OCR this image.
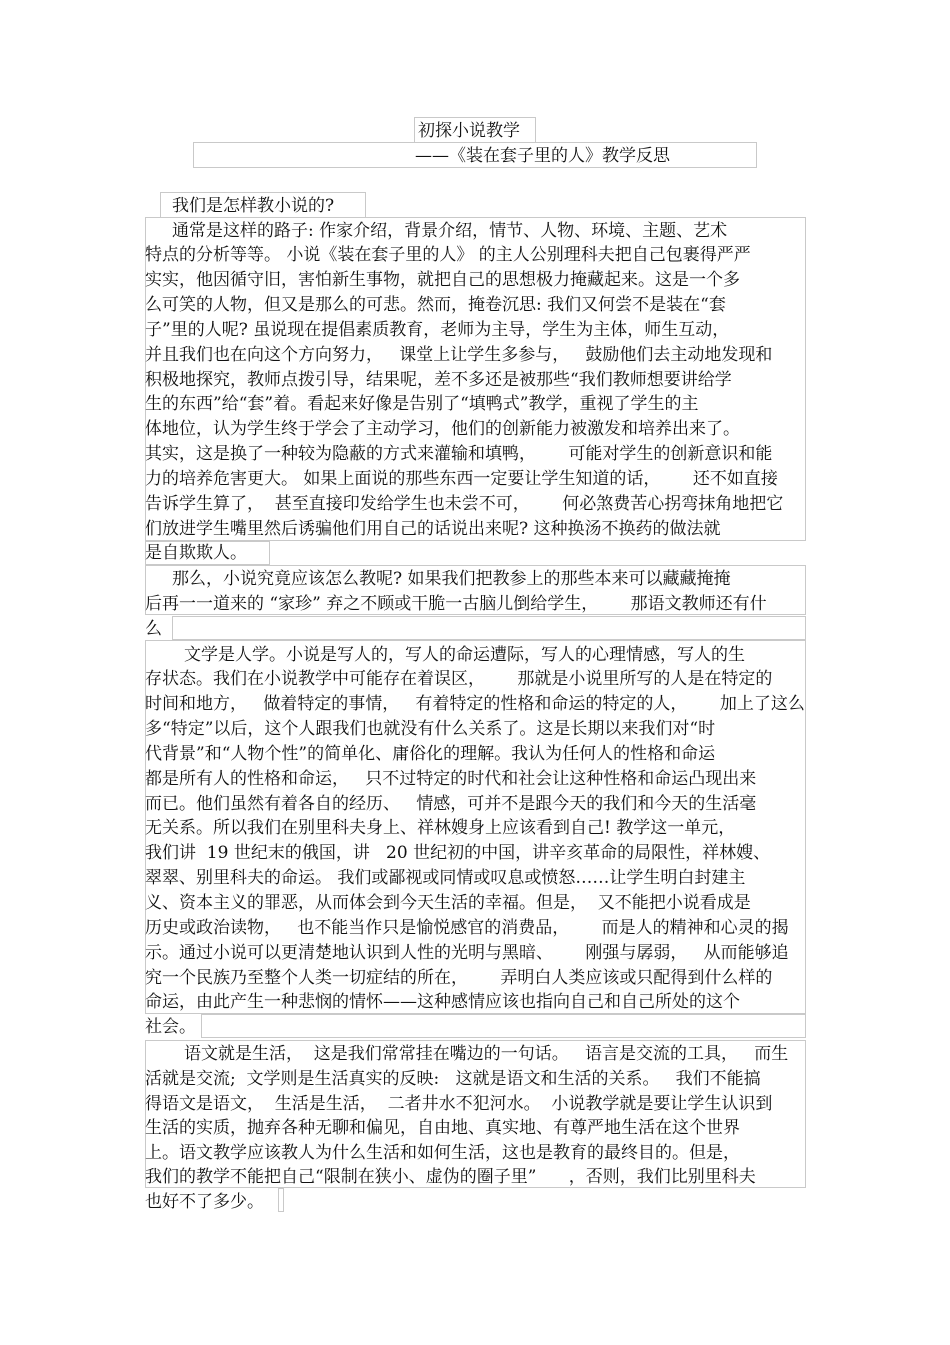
初探小说教学

——《装在套子里的人》教学反思

我们是怎样教小说的?

通常是这样的路子: 作家介绍，背景介绍，情节、人物、环境、主题、艺术

特点的分析等等。 小说《装在套子里的人》 的主人公别理科夫把自己包裹得严严

实实，他因循守旧，害怕新生事物，就把自己的思想极力掩藏起来。这是一个多

么可笑的人物，但又是那么的可悲。然而，掩卷沉思: 我们又何尝不是装在“套

子”里的人呢? 虽说现在提倡素质教育，老师为主导，学生为主体，师生互动，

并且我们也在向这个方向努力，   课堂上让学生多参与，   鼓励他们去主动地发现和

积极地探究，教师点拨引导，结果呢，差不多还是被那些“我们教师想要讲给学

生的东西”给“套”着。看起来好像是告别了“填鸭式”教学，重视了学生的主

体地位，认为学生终于学会了主动学习，他们的创新能力被激发和培养出来了。

其实，这是换了一种较为隐蔽的方式来灌输和填鸭，      可能对学生的创新意识和能

力的培养危害更大。 如果上面说的那些东西一定要让学生知道的话，      还不如直接

告诉学生算了，  甚至直接印发给学生也未尝不可，      何必煞费苦心拐弯抹角地把它

们放进学生嘴里然后诱骗他们用自己的话说出来呢? 这种换汤不换药的做法就

是自欺欺人。

那么，小说究竟应该怎么教呢? 如果我们把教参上的那些本来可以藏藏掩掩

后再一一道来的 “家珍” 弃之不顾或干脆一古脑儿倒给学生，      那语文教师还有什

么

文学是人学。小说是写人的，写人的命运遭际，写人的心理情感，写人的生

存状态。我们在小说教学中可能存在着误区，      那就是小说里所写的人是在特定的

时间和地方，   做着特定的事情，   有着特定的性格和命运的特定的人，      加上了这么

多“特定”以后，这个人跟我们也就没有什么关系了。这是长期以来我们对“时

代背景”和“人物个性”的简单化、庸俗化的理解。我认为任何人的性格和命运

都是所有人的性格和命运，   只不过特定的时代和社会让这种性格和命运凸现出来

而已。他们虽然有着各自的经历、   情感，可并不是跟今天的我们和今天的生活毫

无关系。所以我们在别里科夫身上、祥林嫂身上应该看到自己! 教学这一单元，

我们讲  19 世纪末的俄国，讲   20 世纪初的中国，讲辛亥革命的局限性，祥林嫂、

翠翠、别里科夫的命运。 我们或鄙视或同情或叹息或愤怒……让学生明白封建主

义、资本主义的罪恶，从而体会到今天生活的幸福。但是，  又不能把小说看成是

历史或政治读物，   也不能当作只是愉悦感官的消费品，      而是人的精神和心灵的揭

示。通过小说可以更清楚地认识到人性的光明与黑暗、      刚强与孱弱，   从而能够追

究一个民族乃至整个人类一切症结的所在，      弄明白人类应该或只配得到什么样的

命运，由此产生一种悲悯的情怀——这种感情应该也指向自己和自己所处的这个

社会。

语文就是生活，  这是我们常常挂在嘴边的一句话。   语言是交流的工具，   而生

活就是交流;  文学则是生活真实的反映:   这就是语文和生活的关系。   我们不能搞

得语文是语文，  生活是生活，  二者井水不犯河水。  小说教学就是要让学生认识到

生活的实质，抛弃各种无聊和偏见，自由地、真实地、有尊严地生活在这个世界

上。语文教学应该教人为什么生活和如何生活，这也是教育的最终目的。但是，

我们的教学不能把自己“限制在狭小、虚伪的圈子里”      ，否则，我们比别里科夫

也好不了多少。
